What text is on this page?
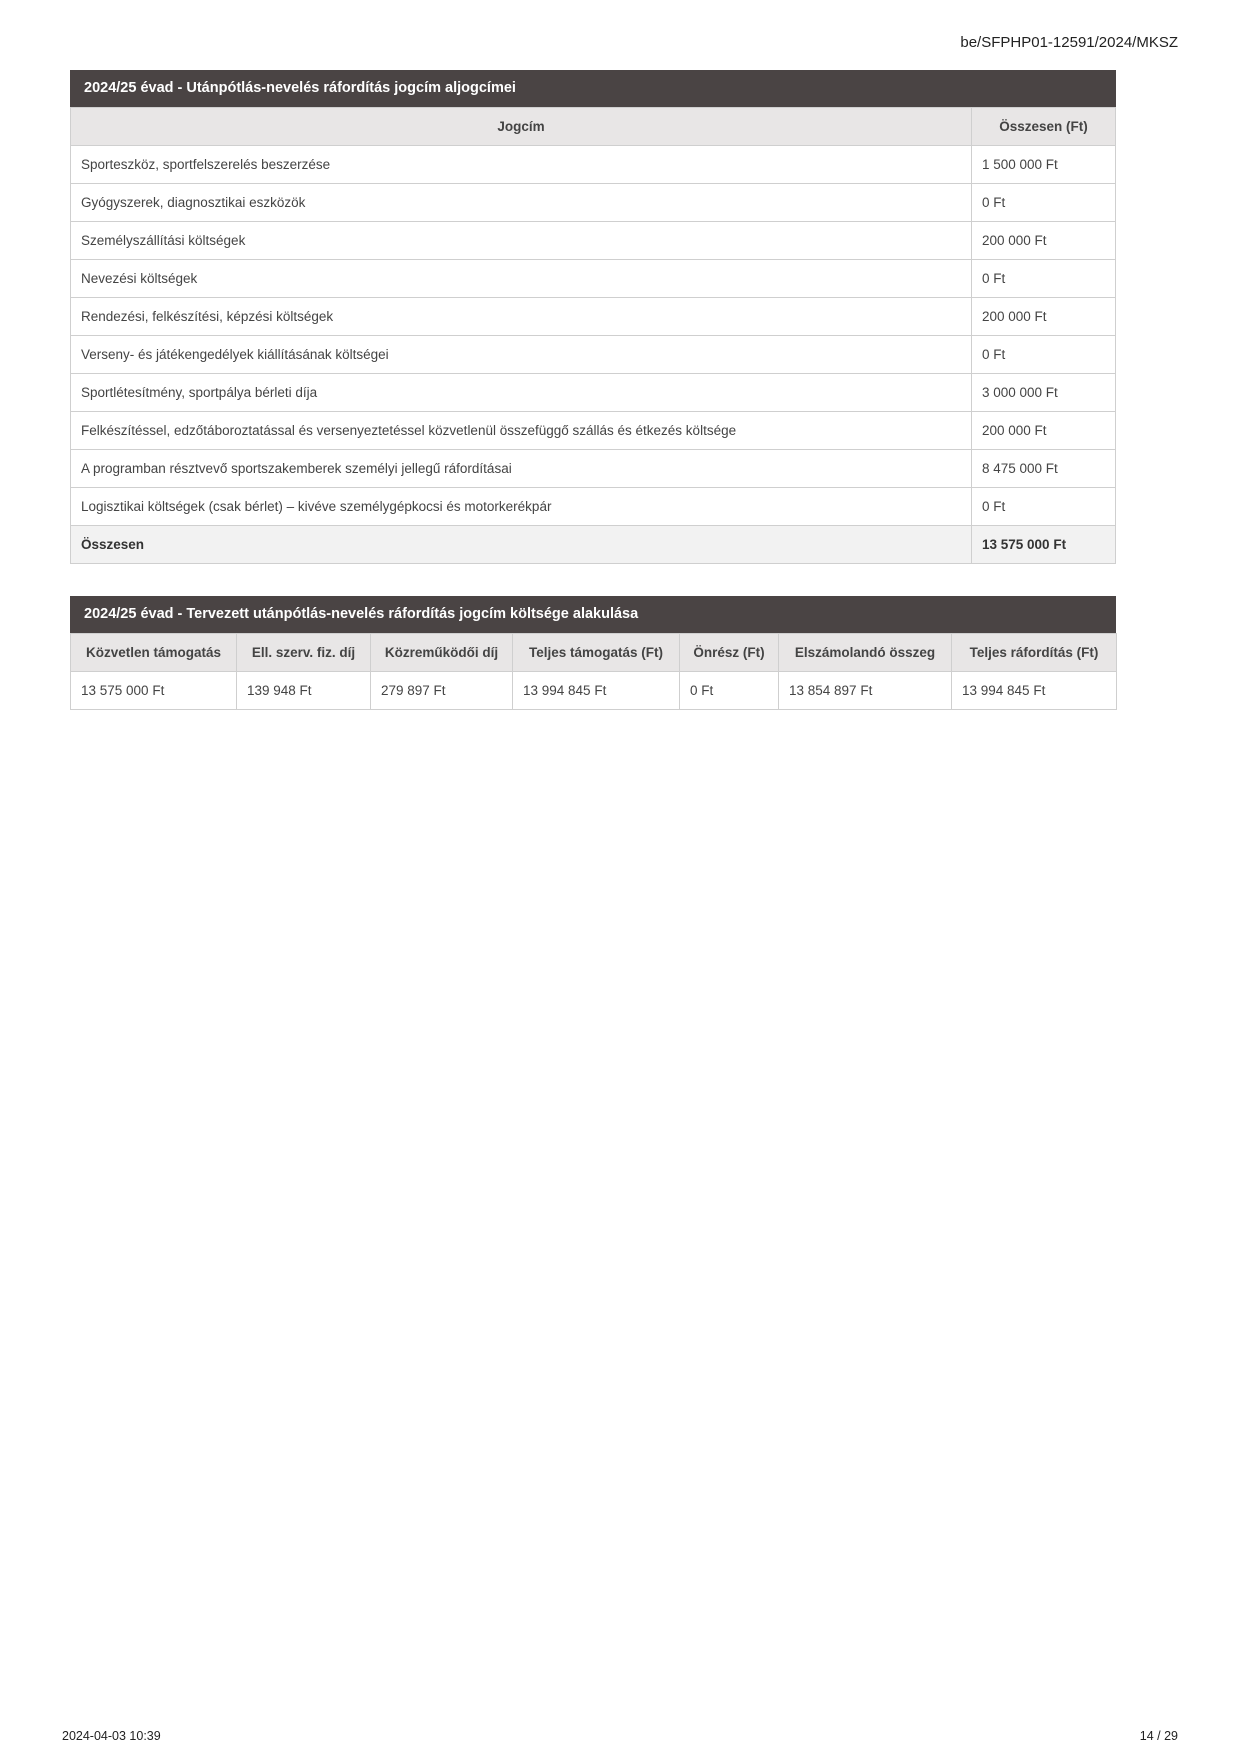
be/SFPHP01-12591/2024/MKSZ
2024/25 évad - Utánpótlás-nevelés ráfordítás jogcím aljogcímei
Jogcím	Összesen (Ft)
Sporteszköz, sportfelszerelés beszerzése	1 500 000 Ft
Gyógyszerek, diagnosztikai eszközök	0 Ft
Személyszállítási költségek	200 000 Ft
Nevezési költségek	0 Ft
Rendezési, felkészítési, képzési költségek	200 000 Ft
Verseny- és játékengedélyek kiállításának költségei	0 Ft
Sportlétesítmény, sportpálya bérleti díja	3 000 000 Ft
Felkészítéssel, edzőtáboroztatással és versenyeztetéssel közvetlenül összefüggő szállás és étkezés költsége	200 000 Ft
A programban résztvevő sportszakemberek személyi jellegű ráfordításai	8 475 000 Ft
Logisztikai költségek (csak bérlet) – kivéve személygépkocsi és motorkerékpár	0 Ft
Összesen	13 575 000 Ft
2024/25 évad - Tervezett utánpótlás-nevelés ráfordítás jogcím költsége alakulása
Közvetlen támogatás	Ell. szerv. fiz. díj	Közreműködői díj	Teljes támogatás (Ft)	Önrész (Ft)	Elszámolandó összeg	Teljes ráfordítás (Ft)
13 575 000 Ft	139 948 Ft	279 897 Ft	13 994 845 Ft	0 Ft	13 854 897 Ft	13 994 845 Ft
2024-04-03 10:39	14 / 29
